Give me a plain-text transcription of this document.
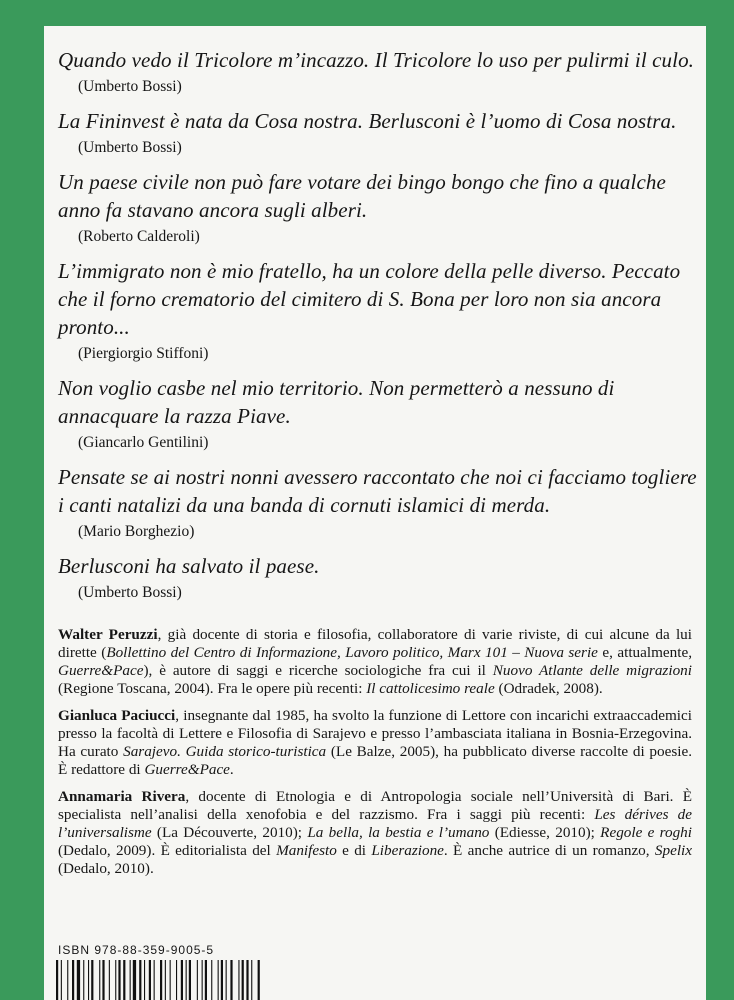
Quando vedo il Tricolore m’incazzo. Il Tricolore lo uso per pulirmi il culo.

(Umberto Bossi)

La Fininvest è nata da Cosa nostra. Berlusconi è l’uomo di Cosa nostra.

(Umberto Bossi)

Un paese civile non può fare votare dei bingo bongo che fino a qualche anno fa stavano ancora sugli alberi.

(Roberto Calderoli)

L’immigrato non è mio fratello, ha un colore della pelle diverso. Peccato che il forno crematorio del cimitero di S. Bona per loro non sia ancora pronto...

(Piergiorgio Stiffoni)

Non voglio casbe nel mio territorio. Non permetterò a nessuno di annacquare la razza Piave.

(Giancarlo Gentilini)

Pensate se ai nostri nonni avessero raccontato che noi ci facciamo togliere i canti natalizi da una banda di cornuti islamici di merda.

(Mario Borghezio)

Berlusconi ha salvato il paese.

(Umberto Bossi)

Walter Peruzzi, già docente di storia e filosofia, collaboratore di varie riviste, di cui alcune da lui dirette (Bollettino del Centro di Informazione, Lavoro politico, Marx 101 – Nuova serie e, attualmente, Guerre&Pace), è autore di saggi e ricerche sociologiche fra cui il Nuovo Atlante delle migrazioni (Regione Toscana, 2004). Fra le opere più recenti: Il cattolicesimo reale (Odradek, 2008).

Gianluca Paciucci, insegnante dal 1985, ha svolto la funzione di Lettore con incarichi extraaccademici presso la facoltà di Lettere e Filosofia di Sarajevo e presso l’ambasciata italiana in Bosnia-Erzegovina. Ha curato Sarajevo. Guida storico-turistica (Le Balze, 2005), ha pubblicato diverse raccolte di poesie. È redattore di Guerre&Pace.

Annamaria Rivera, docente di Etnologia e di Antropologia sociale nell’Università di Bari. È specialista nell’analisi della xenofobia e del razzismo. Fra i saggi più recenti: Les dérives de l’universalisme (La Découverte, 2010); La bella, la bestia e l’umano (Ediesse, 2010); Regole e roghi (Dedalo, 2009). È editorialista del Manifesto e di Liberazione. È anche autrice di un romanzo, Spelix (Dedalo, 2010).

ISBN 978-88-359-9005-5
